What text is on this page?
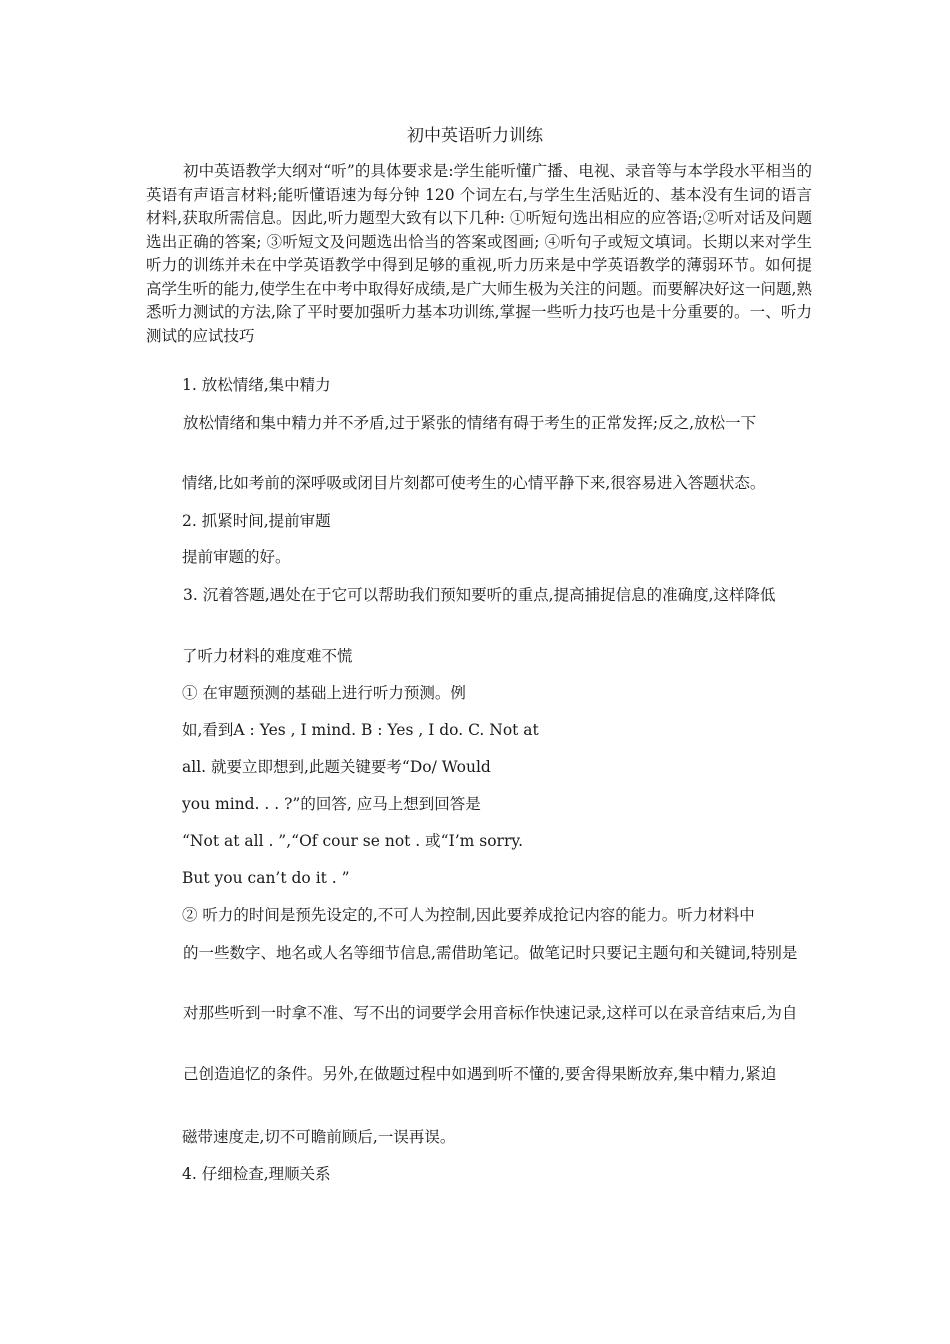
初中英语听力训练

初中英语教学大纲对“听”的具体要求是:学生能听懂广播、电视、录音等与本学段水平相当的英语有声语言材料;能听懂语速为每分钟 120 个词左右,与学生生活贴近的、基本没有生词的语言材料,获取所需信息。因此,听力题型大致有以下几种: ①听短句选出相应的应答语;②听对话及问题选出正确的答案; ③听短文及问题选出恰当的答案或图画; ④听句子或短文填词。长期以来对学生听力的训练并未在中学英语教学中得到足够的重视,听力历来是中学英语教学的薄弱环节。如何提高学生听的能力,使学生在中考中取得好成绩,是广大师生极为关注的问题。而要解决好这一问题,熟悉听力测试的方法,除了平时要加强听力基本功训练,掌握一些听力技巧也是十分重要的。一、听力测试的应试技巧

1. 放松情绪,集中精力

放松情绪和集中精力并不矛盾,过于紧张的情绪有碍于考生的正常发挥;反之,放松一下

情绪,比如考前的深呼吸或闭目片刻都可使考生的心情平静下来,很容易进入答题状态。

2. 抓紧时间,提前审题

提前审题的好。

3. 沉着答题,遇处在于它可以帮助我们预知要听的重点,提高捕捉信息的准确度,这样降低

了听力材料的难度难不慌

① 在审题预测的基础上进行听力预测。例

如,看到A : Yes , I mind. B : Yes , I do. C. Not at

all. 就要立即想到,此题关键要考“Do/ Would

you mind. . . ?”的回答, 应马上想到回答是

“Not at all . ”,“Of cour se not . 或“I’m sorry.

But you can’t do it . ”

② 听力的时间是预先设定的,不可人为控制,因此要养成抢记内容的能力。听力材料中

的一些数字、地名或人名等细节信息,需借助笔记。做笔记时只要记主题句和关键词,特别是

对那些听到一时拿不准、写不出的词要学会用音标作快速记录,这样可以在录音结束后,为自

己创造追忆的条件。另外,在做题过程中如遇到听不懂的,要舍得果断放弃,集中精力,紧迫

磁带速度走,切不可瞻前顾后,一误再误。

4. 仔细检查,理顺关系
